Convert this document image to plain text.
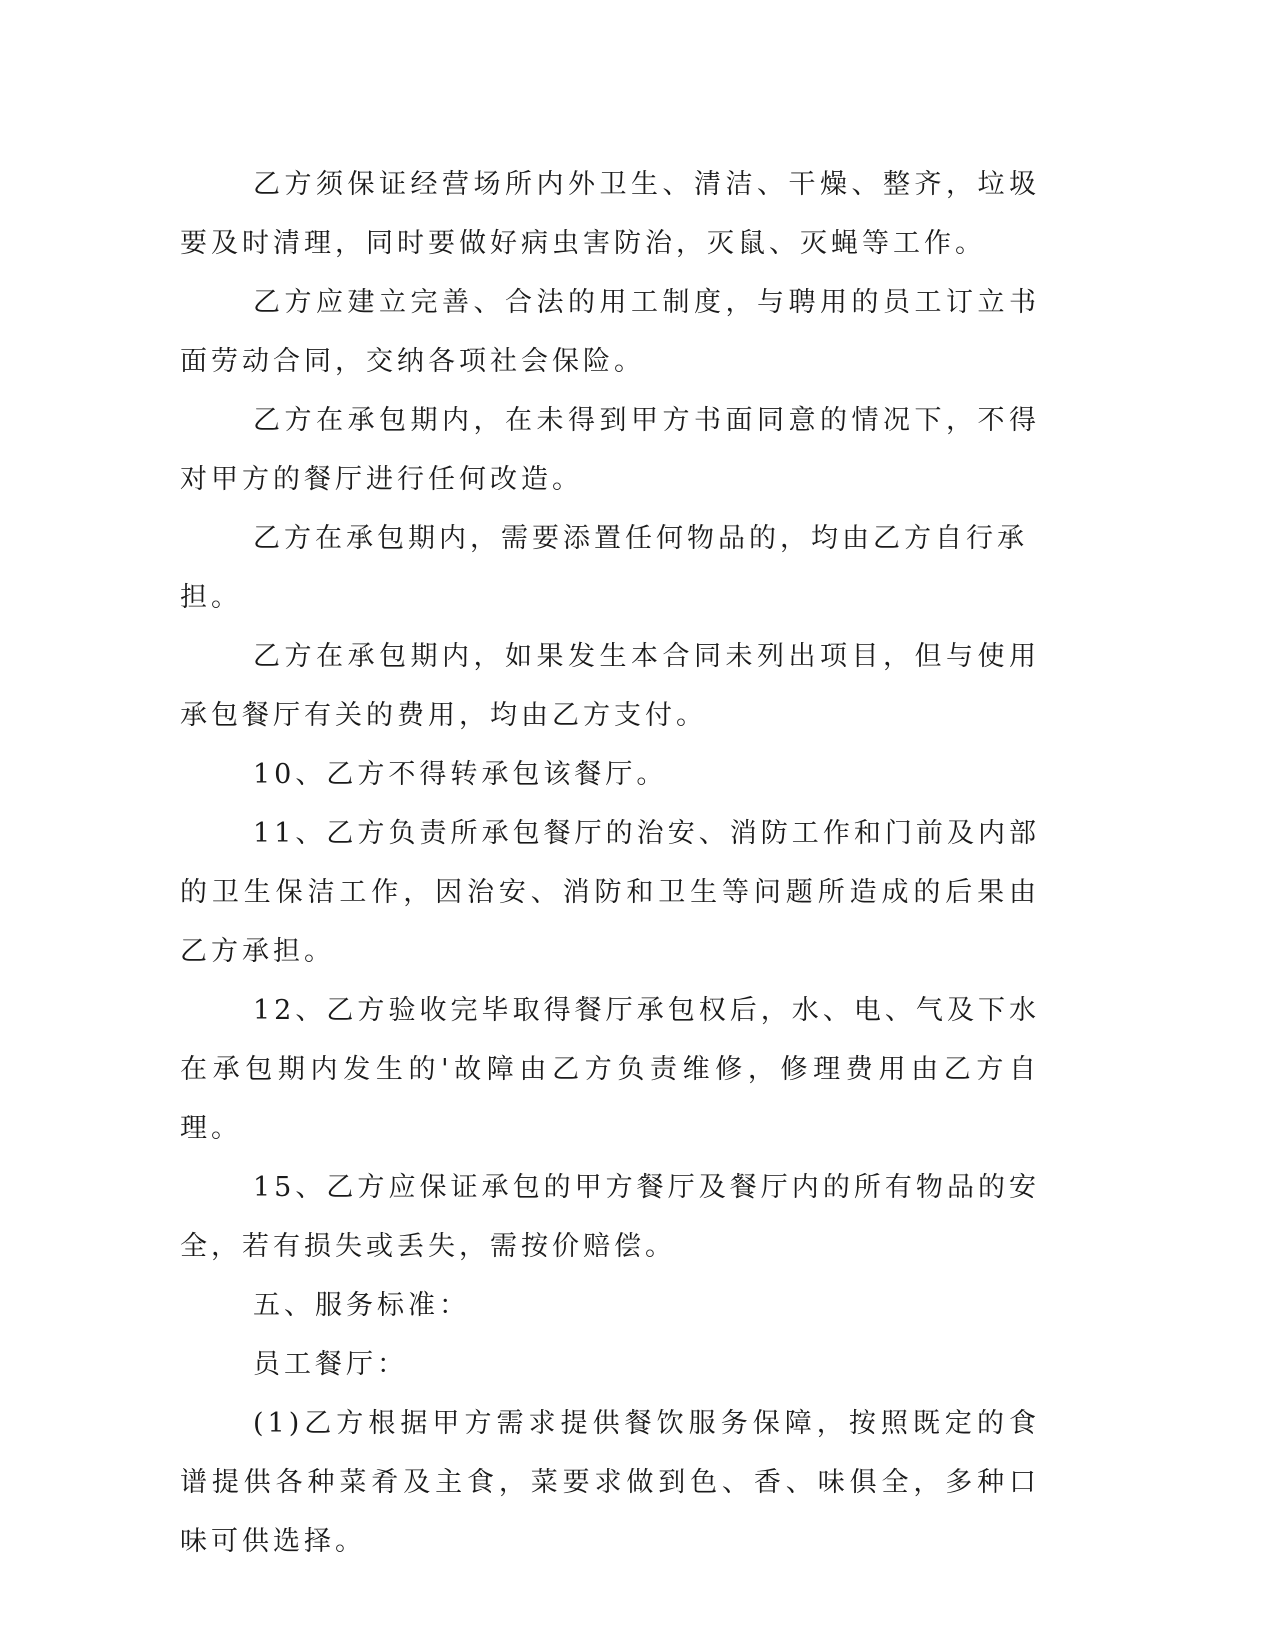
乙方须保证经营场所内外卫生、清洁、干燥、整齐，垃圾要及时清理，同时要做好病虫害防治，灭鼠、灭蝇等工作。

乙方应建立完善、合法的用工制度，与聘用的员工订立书面劳动合同，交纳各项社会保险。

乙方在承包期内，在未得到甲方书面同意的情况下，不得对甲方的餐厅进行任何改造。

乙方在承包期内，需要添置任何物品的，均由乙方自行承担。

乙方在承包期内，如果发生本合同未列出项目，但与使用承包餐厅有关的费用，均由乙方支付。

10、乙方不得转承包该餐厅。

11、乙方负责所承包餐厅的治安、消防工作和门前及内部的卫生保洁工作，因治安、消防和卫生等问题所造成的后果由乙方承担。

12、乙方验收完毕取得餐厅承包权后，水、电、气及下水在承包期内发生的'故障由乙方负责维修，修理费用由乙方自理。

15、乙方应保证承包的甲方餐厅及餐厅内的所有物品的安全，若有损失或丢失，需按价赔偿。

五、服务标准：

员工餐厅：

(1)乙方根据甲方需求提供餐饮服务保障，按照既定的食谱提供各种菜肴及主食，菜要求做到色、香、味俱全，多种口味可供选择。
